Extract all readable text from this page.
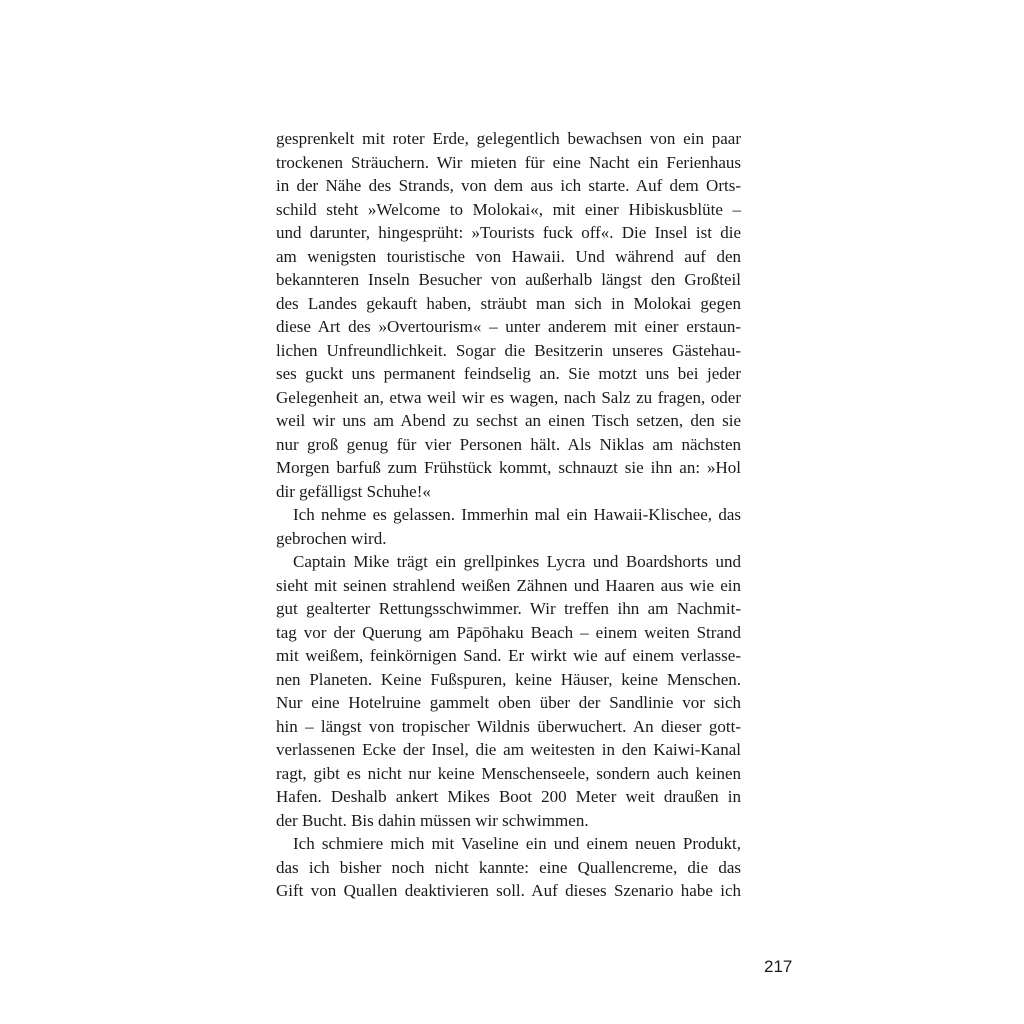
gesprenkelt mit roter Erde, gelegentlich bewachsen von ein paar
trockenen Sträuchern. Wir mieten für eine Nacht ein Ferienhaus
in der Nähe des Strands, von dem aus ich starte. Auf dem Orts-
schild steht »Welcome to Molokai«, mit einer Hibiskusblüte –
und darunter, hingesprüht: »Tourists fuck off«. Die Insel ist die
am wenigsten touristische von Hawaii. Und während auf den
bekannteren Inseln Besucher von außerhalb längst den Großteil
des Landes gekauft haben, sträubt man sich in Molokai gegen
diese Art des »Overtourism« – unter anderem mit einer erstaun-
lichen Unfreundlichkeit. Sogar die Besitzerin unseres Gästehau-
ses guckt uns permanent feindselig an. Sie motzt uns bei jeder
Gelegenheit an, etwa weil wir es wagen, nach Salz zu fragen, oder
weil wir uns am Abend zu sechst an einen Tisch setzen, den sie
nur groß genug für vier Personen hält. Als Niklas am nächsten
Morgen barfuß zum Frühstück kommt, schnauzt sie ihn an: »Hol
dir gefälligst Schuhe!«
Ich nehme es gelassen. Immerhin mal ein Hawaii-Klischee, das
gebrochen wird.
Captain Mike trägt ein grellpinkes Lycra und Boardshorts und
sieht mit seinen strahlend weißen Zähnen und Haaren aus wie ein
gut gealterter Rettungsschwimmer. Wir treffen ihn am Nachmit-
tag vor der Querung am Pāpōhaku Beach – einem weiten Strand
mit weißem, feinkörnigen Sand. Er wirkt wie auf einem verlasse-
nen Planeten. Keine Fußspuren, keine Häuser, keine Menschen.
Nur eine Hotelruine gammelt oben über der Sandlinie vor sich
hin – längst von tropischer Wildnis überwuchert. An dieser gott-
verlassenen Ecke der Insel, die am weitesten in den Kaiwi-Kanal
ragt, gibt es nicht nur keine Menschenseele, sondern auch keinen
Hafen. Deshalb ankert Mikes Boot 200 Meter weit draußen in
der Bucht. Bis dahin müssen wir schwimmen.
Ich schmiere mich mit Vaseline ein und einem neuen Produkt,
das ich bisher noch nicht kannte: eine Quallencreme, die das
Gift von Quallen deaktivieren soll. Auf dieses Szenario habe ich
217
